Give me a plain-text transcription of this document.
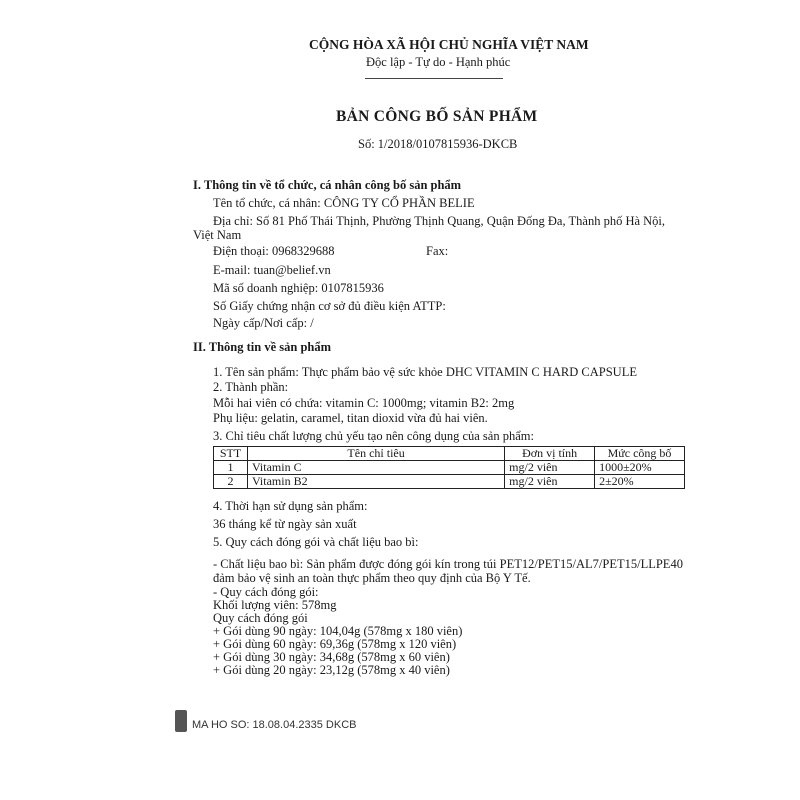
CỘNG HÒA XÃ HỘI CHỦ NGHĨA VIỆT NAM
Độc lập - Tự do - Hạnh phúc
BẢN CÔNG BỐ SẢN PHẨM
Số: 1/2018/0107815936-DKCB
I. Thông tin về tổ chức, cá nhân công bố sản phẩm
Tên tổ chức, cá nhân: CÔNG TY CỔ PHẦN BELIE
Địa chỉ: Số 81 Phố Thái Thịnh, Phường Thịnh Quang, Quận Đống Đa, Thành phố Hà Nội,
Việt Nam
Điện thoại: 0968329688	Fax:
E-mail: tuan@belief.vn
Mã số doanh nghiệp: 0107815936
Số Giấy chứng nhận cơ sở đủ điều kiện ATTP:
Ngày cấp/Nơi cấp: /
II. Thông tin về sản phẩm
1. Tên sản phẩm: Thực phẩm bảo vệ sức khỏe DHC VITAMIN C HARD CAPSULE
2. Thành phần:
Mỗi hai viên có chứa: vitamin C: 1000mg; vitamin B2: 2mg
Phụ liệu: gelatin, caramel, titan dioxid vừa đủ hai viên.
3. Chỉ tiêu chất lượng chủ yếu tạo nên công dụng của sản phẩm:
STT	Tên chỉ tiêu	Đơn vị tính	Mức công bố
1	Vitamin C	mg/2 viên	1000±20%
2	Vitamin B2	mg/2 viên	2±20%
4. Thời hạn sử dụng sản phẩm:
36 tháng kể từ ngày sản xuất
5. Quy cách đóng gói và chất liệu bao bì:
- Chất liệu bao bì: Sản phẩm được đóng gói kín trong túi PET12/PET15/AL7/PET15/LLPE40
đảm bảo vệ sinh an toàn thực phẩm theo quy định của Bộ Y Tế.
- Quy cách đóng gói:
Khối lượng viên: 578mg
Quy cách đóng gói
+ Gói dùng 90 ngày: 104,04g (578mg x 180 viên)
+ Gói dùng 60 ngày: 69,36g (578mg x 120 viên)
+ Gói dùng 30 ngày: 34,68g (578mg x 60 viên)
+ Gói dùng 20 ngày: 23,12g (578mg x 40 viên)
MA HO SO: 18.08.04.2335 DKCB
